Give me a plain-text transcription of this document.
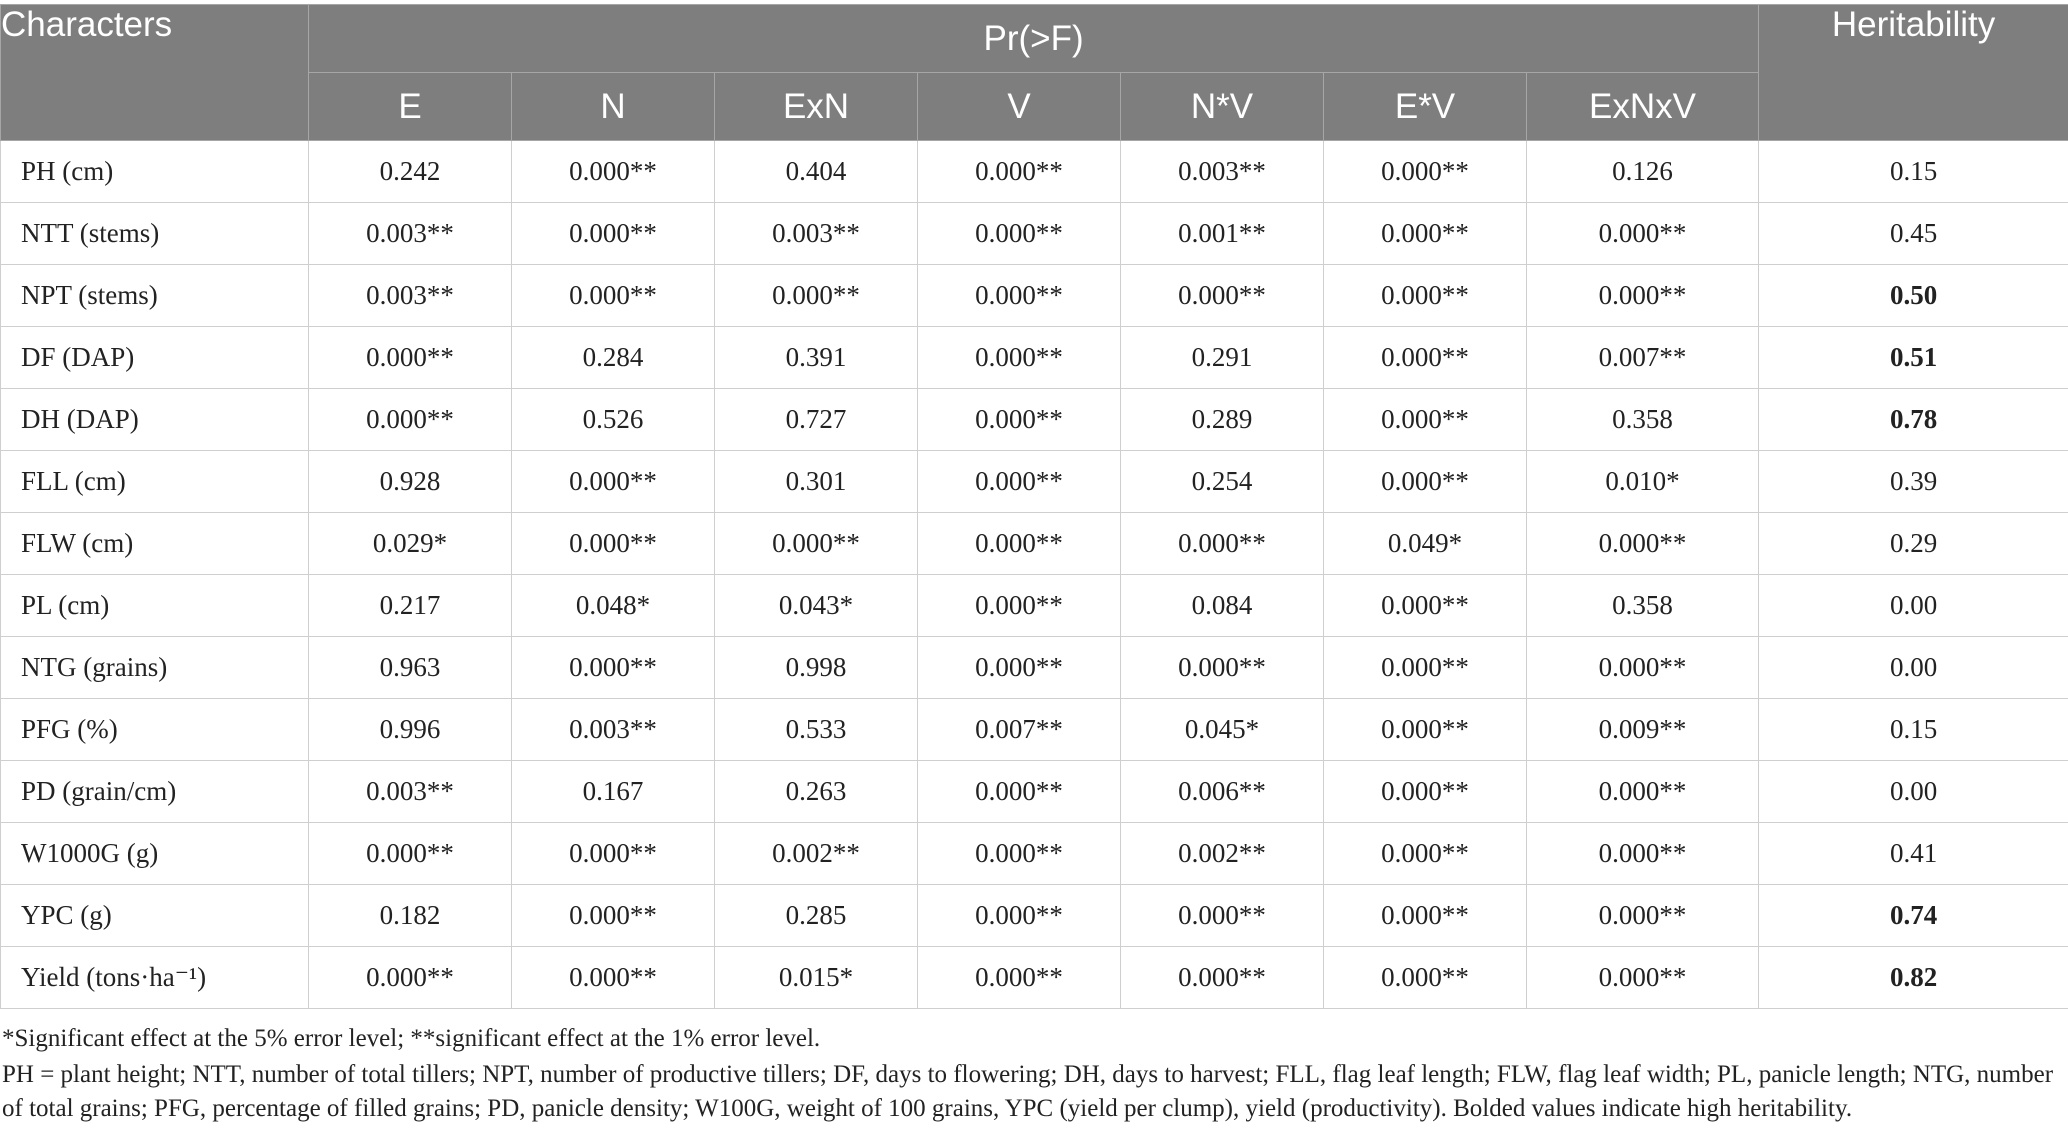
Characters	Pr(>F)							Heritability
	E	N	ExN	V	N*V	E*V	ExNxV	
PH (cm)	0.242	0.000**	0.404	0.000**	0.003**	0.000**	0.126	0.15
NTT (stems)	0.003**	0.000**	0.003**	0.000**	0.001**	0.000**	0.000**	0.45
NPT (stems)	0.003**	0.000**	0.000**	0.000**	0.000**	0.000**	0.000**	0.50
DF (DAP)	0.000**	0.284	0.391	0.000**	0.291	0.000**	0.007**	0.51
DH (DAP)	0.000**	0.526	0.727	0.000**	0.289	0.000**	0.358	0.78
FLL (cm)	0.928	0.000**	0.301	0.000**	0.254	0.000**	0.010*	0.39
FLW (cm)	0.029*	0.000**	0.000**	0.000**	0.000**	0.049*	0.000**	0.29
PL (cm)	0.217	0.048*	0.043*	0.000**	0.084	0.000**	0.358	0.00
NTG (grains)	0.963	0.000**	0.998	0.000**	0.000**	0.000**	0.000**	0.00
PFG (%)	0.996	0.003**	0.533	0.007**	0.045*	0.000**	0.009**	0.15
PD (grain/cm)	0.003**	0.167	0.263	0.000**	0.006**	0.000**	0.000**	0.00
W1000G (g)	0.000**	0.000**	0.002**	0.000**	0.002**	0.000**	0.000**	0.41
YPC (g)	0.182	0.000**	0.285	0.000**	0.000**	0.000**	0.000**	0.74
Yield (tons·ha⁻¹)	0.000**	0.000**	0.015*	0.000**	0.000**	0.000**	0.000**	0.82
*Significant effect at the 5% error level; **significant effect at the 1% error level.
PH = plant height; NTT, number of total tillers; NPT, number of productive tillers; DF, days to flowering; DH, days to harvest; FLL, flag leaf length; FLW, flag leaf width; PL, panicle length; NTG, number of total grains; PFG, percentage of filled grains; PD, panicle density; W100G, weight of 100 grains, YPC (yield per clump), yield (productivity). Bolded values indicate high heritability.
